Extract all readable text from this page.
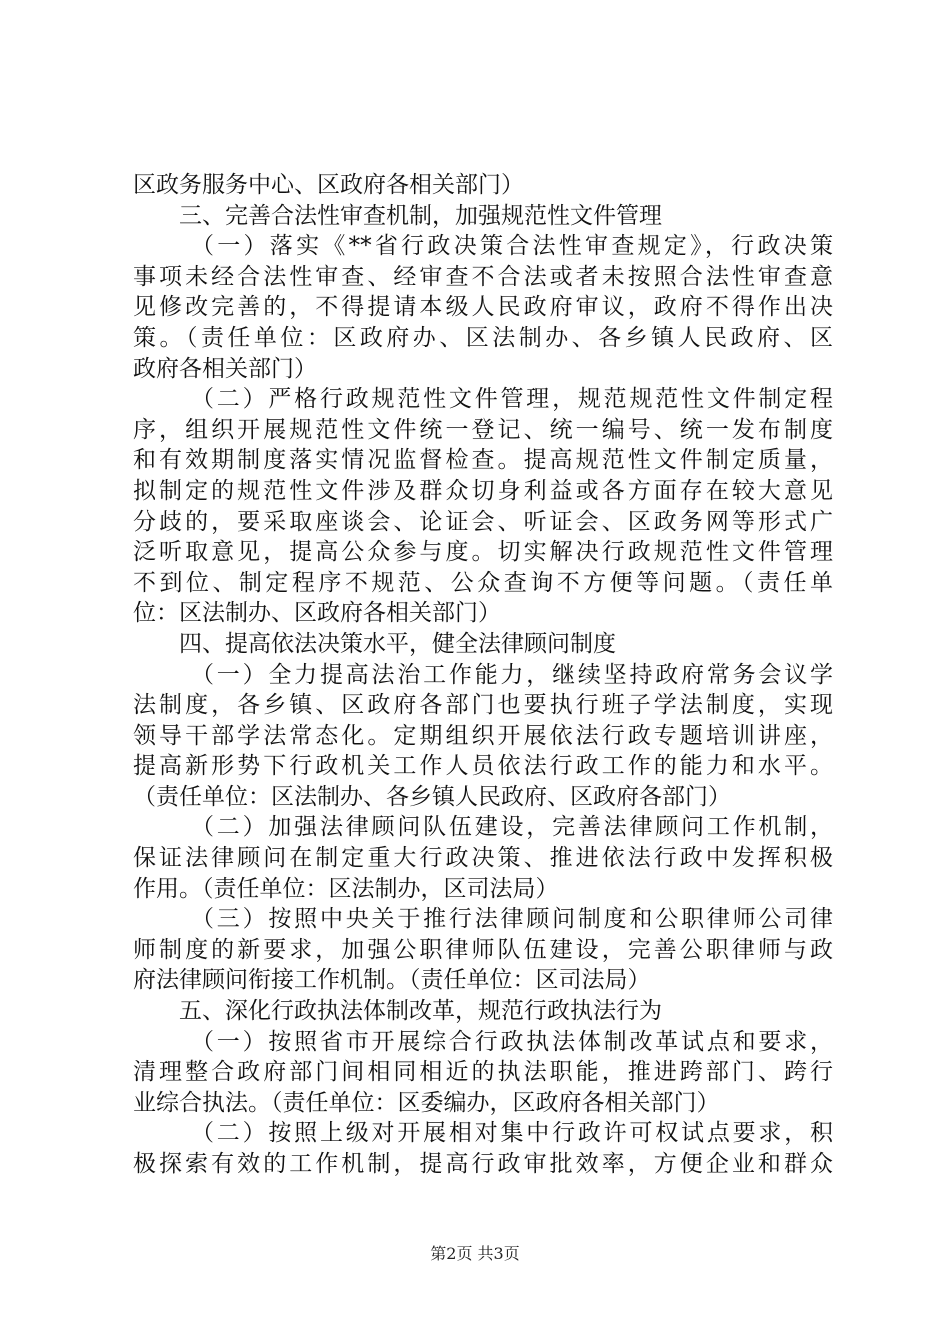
区政务服务中心、区政府各相关部门）
三、完善合法性审查机制，加强规范性文件管理
（一）落实《**省行政决策合法性审查规定》，行政决策
事项未经合法性审查、经审查不合法或者未按照合法性审查意
见修改完善的，不得提请本级人民政府审议，政府不得作出决
策。（责任单位：区政府办、区法制办、各乡镇人民政府、区
政府各相关部门）
（二）严格行政规范性文件管理，规范规范性文件制定程
序，组织开展规范性文件统一登记、统一编号、统一发布制度
和有效期制度落实情况监督检查。提高规范性文件制定质量，
拟制定的规范性文件涉及群众切身利益或各方面存在较大意见
分歧的，要采取座谈会、论证会、听证会、区政务网等形式广
泛听取意见，提高公众参与度。切实解决行政规范性文件管理
不到位、制定程序不规范、公众查询不方便等问题。（责任单
位：区法制办、区政府各相关部门）
四、提高依法决策水平，健全法律顾问制度
（一）全力提高法治工作能力，继续坚持政府常务会议学
法制度，各乡镇、区政府各部门也要执行班子学法制度，实现
领导干部学法常态化。定期组织开展依法行政专题培训讲座，
提高新形势下行政机关工作人员依法行政工作的能力和水平。
（责任单位：区法制办、各乡镇人民政府、区政府各部门）
（二）加强法律顾问队伍建设，完善法律顾问工作机制，
保证法律顾问在制定重大行政决策、推进依法行政中发挥积极
作用。（责任单位：区法制办，区司法局）
（三）按照中央关于推行法律顾问制度和公职律师公司律
师制度的新要求，加强公职律师队伍建设，完善公职律师与政
府法律顾问衔接工作机制。（责任单位：区司法局）
五、深化行政执法体制改革，规范行政执法行为
（一）按照省市开展综合行政执法体制改革试点和要求，
清理整合政府部门间相同相近的执法职能，推进跨部门、跨行
业综合执法。（责任单位：区委编办，区政府各相关部门）
（二）按照上级对开展相对集中行政许可权试点要求，积
极探索有效的工作机制，提高行政审批效率，方便企业和群众
第2页 共3页
